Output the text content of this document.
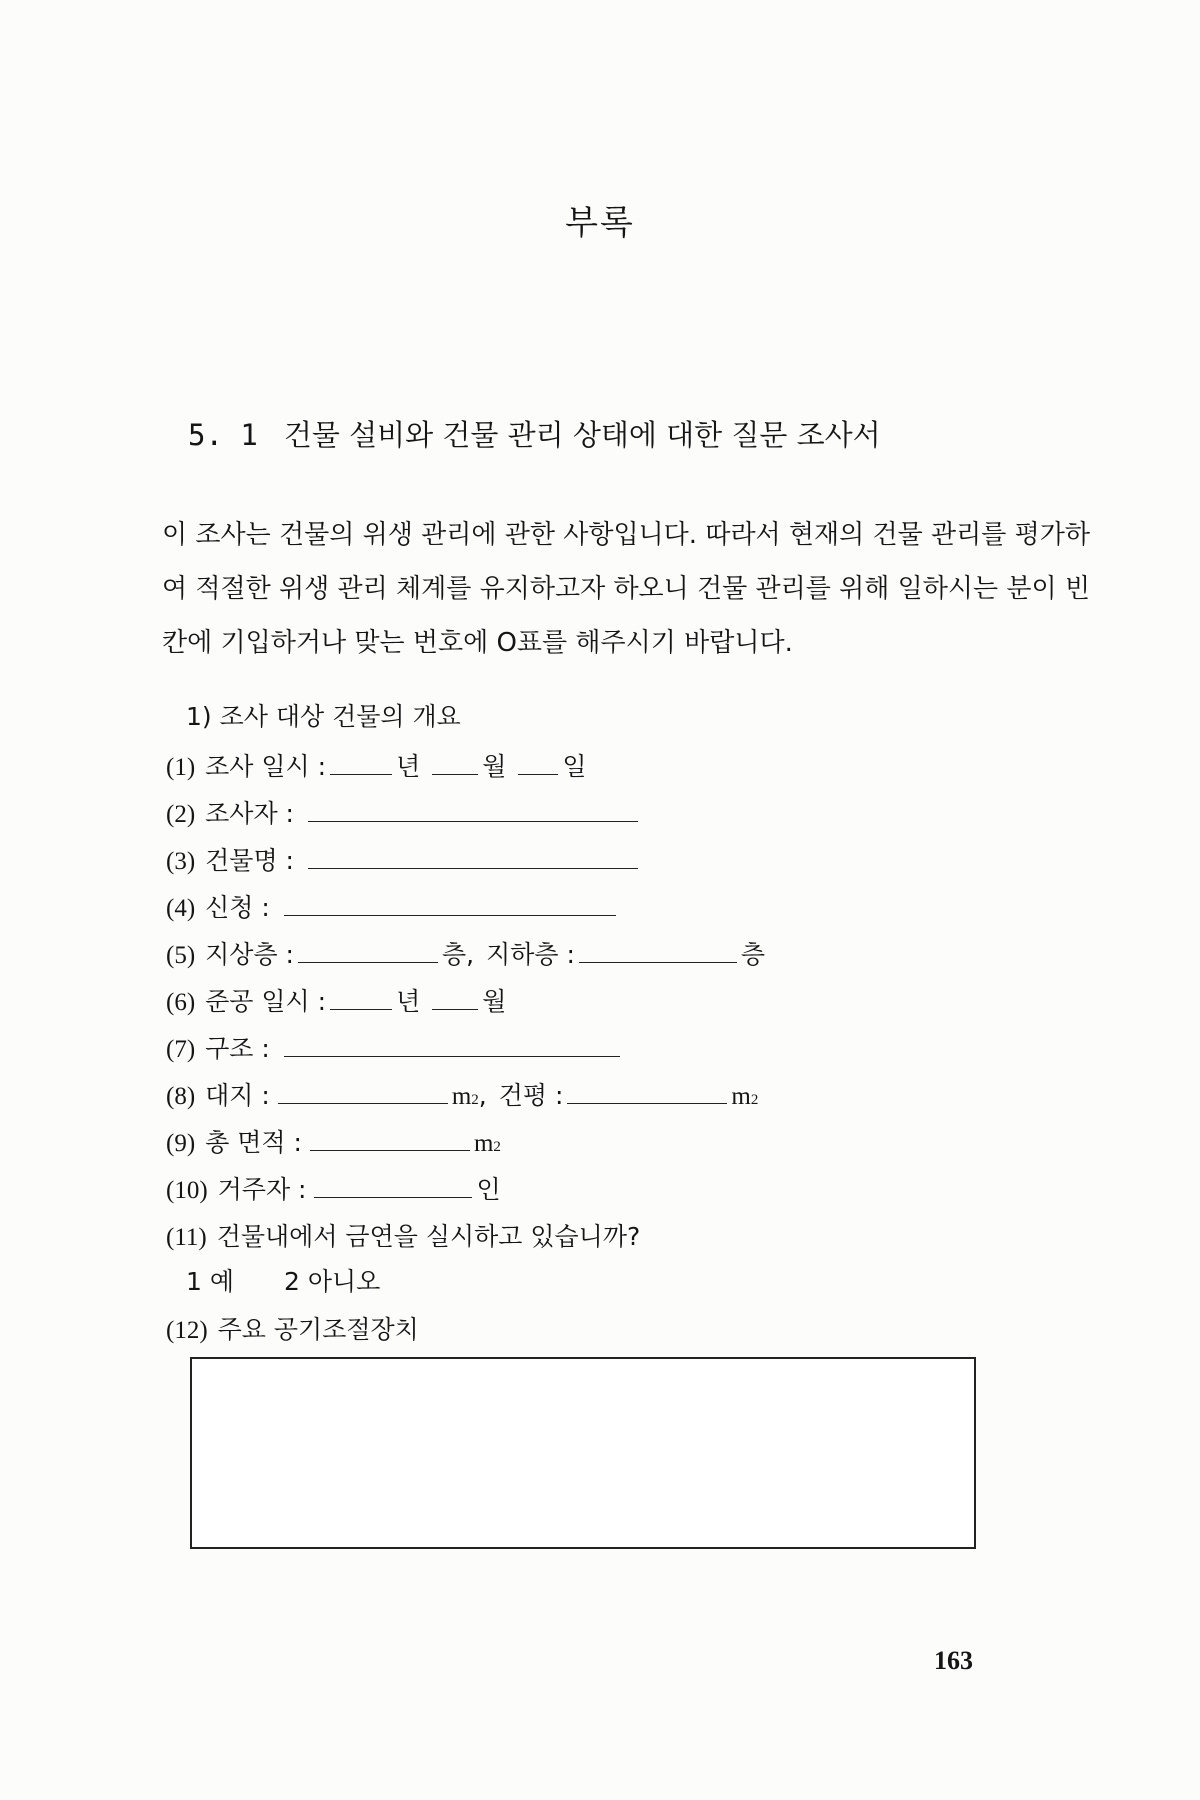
부록
5. 1 건물 설비와 건물 관리 상태에 대한 질문 조사서

이 조사는 건물의 위생 관리에 관한 사항입니다. 따라서 현재의 건물 관리를 평가하

여 적절한 위생 관리 체계를 유지하고자 하오니 건물 관리를 위해 일하시는 분이 빈

칸에 기입하거나 맞는 번호에 O표를 해주시기 바랍니다.

1) 조사 대상 건물의 개요
(1) 조사 일시 :	년 월 일
(2) 조사자 :
(3) 건물명 :
(4) 신청 :
(5) 지상층 :	층, 지하층 :	층
(6) 준공 일시 :	년 월
(7) 구조 :
(8) 대지 :	m 2 , 건평 :	m 2
(9) 총 면적 :	m 2
(10) 거주자 :	인
(11) 건물내에서 금연을 실시하고 있습니까?
1 예 2 아니오
(12) 주요 공기조절장치
163
